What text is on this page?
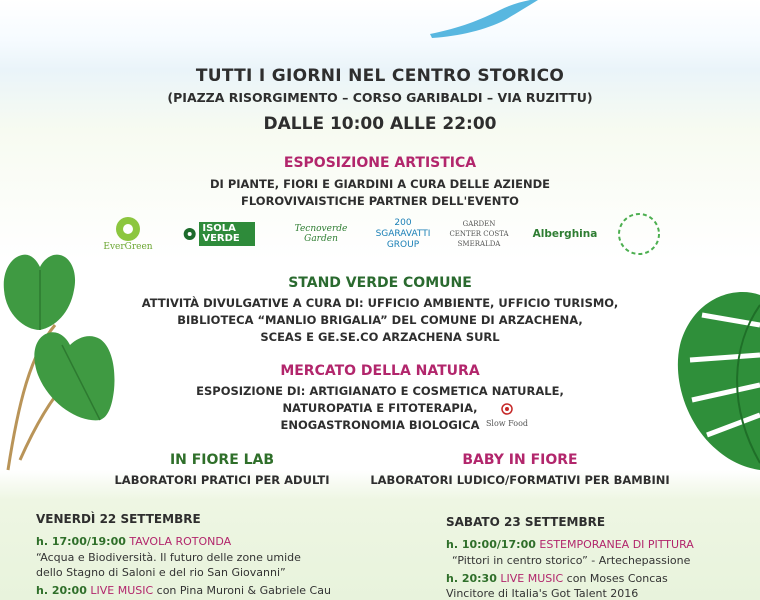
TUTTI I GIORNI NEL CENTRO STORICO
(PIAZZA RISORGIMENTO – CORSO GARIBALDI – VIA RUZITTU)
DALLE 10:00 ALLE 22:00
ESPOSIZIONE ARTISTICA
DI PIANTE, FIORI E GIARDINI A CURA DELLE AZIENDE
FLOROVIVAISTICHE PARTNER DELL'EVENTO
EverGreen
ISOLA VERDE
Tecnoverde Garden
200 SGARAVATTI GROUP
GARDEN CENTER COSTA SMERALDA
Alberghina
STAND VERDE COMUNE
ATTIVITÀ DIVULGATIVE A CURA DI: UFFICIO AMBIENTE, UFFICIO TURISMO,
BIBLIOTECA “MANLIO BRIGALIA” DEL COMUNE DI ARZACHENA,
SCEAS E GE.SE.CO ARZACHENA SURL
MERCATO DELLA NATURA
ESPOSIZIONE DI: ARTIGIANATO E COSMETICA NATURALE,
NATUROPATIA E FITOTERAPIA,
ENOGASTRONOMIA BIOLOGICA Slow Food
IN FIORE LAB
LABORATORI PRATICI PER ADULTI
BABY IN FIORE
LABORATORI LUDICO/FORMATIVI PER BAMBINI
VENERDÌ 22 SETTEMBRE
h. 17:00/19:00 TAVOLA ROTONDA
“Acqua e Biodiversità. Il futuro delle zone umide
dello Stagno di Saloni e del rio San Giovanni”
h. 20:00 LIVE MUSIC con Pina Muroni & Gabriele Cau
SABATO 23 SETTEMBRE
h. 10:00/17:00 ESTEMPORANEA DI PITTURA
“Pittori in centro storico” - Artechepassione
h. 20:30 LIVE MUSIC con Moses Concas
Vincitore di Italia's Got Talent 2016
